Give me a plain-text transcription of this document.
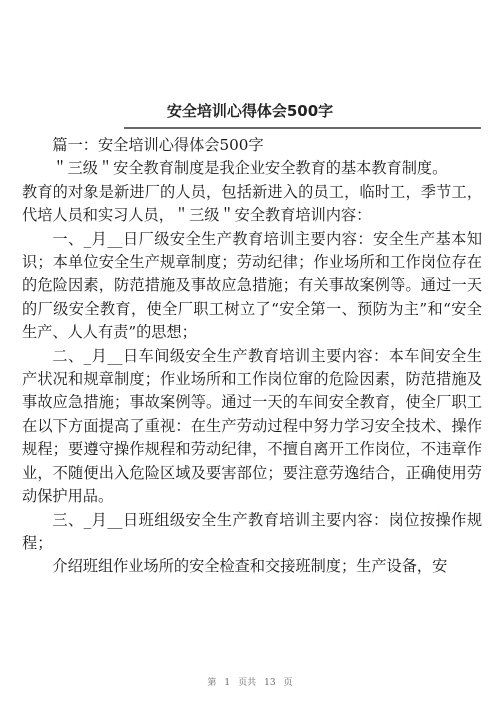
安全培训心得体会500字

篇一：安全培训心得体会500字

＂三级＂安全教育制度是我企业安全教育的基本教育制度。

教育的对象是新进厂的人员，包括新进入的员工，临时工，季节工，代培人员和实习人员，＂三级＂安全教育培训内容：

一、_月__日厂级安全生产教育培训主要内容：安全生产基本知识；本单位安全生产规章制度；劳动纪律；作业场所和工作岗位存在的危险因素，防范措施及事故应急措施；有关事故案例等。通过一天的厂级安全教育，使全厂职工树立了“安全第一、预防为主”和“安全生产、人人有责”的思想；

二、_月__日车间级安全生产教育培训主要内容：本车间安全生产状况和规章制度；作业场所和工作岗位窜的危险因素，防范措施及事故应急措施；事故案例等。通过一天的车间安全教育，使全厂职工在以下方面提高了重视：在生产劳动过程中努力学习安全技术、操作规程；要遵守操作规程和劳动纪律，不擅自离开工作岗位，不违章作业，不随便出入危险区域及要害部位；要注意劳逸结合，正确使用劳动保护用品。

三、_月__日班组级安全生产教育培训主要内容：岗位按操作规程；

介绍班组作业场所的安全检查和交接班制度；生产设备，安

第 1 页共 13 页
